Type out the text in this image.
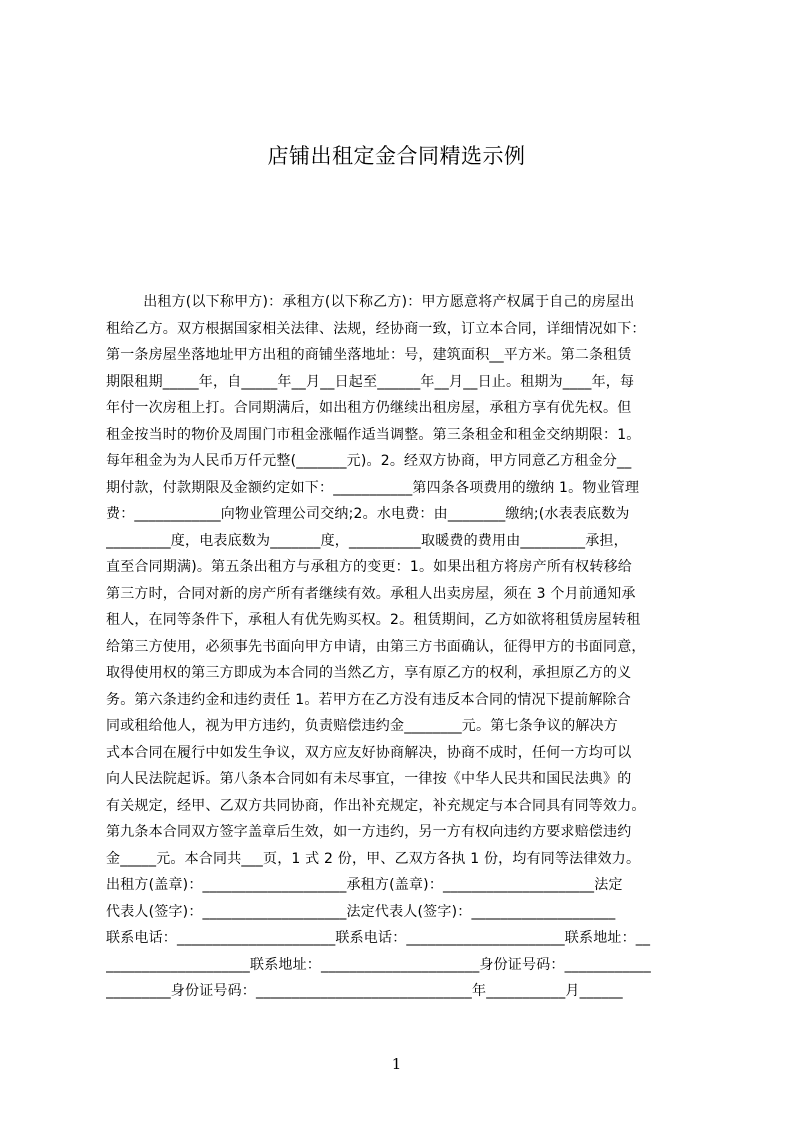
店铺出租定金合同精选示例
出租方(以下称甲方)：承租方(以下称乙方)：甲方愿意将产权属于自己的房屋出
租给乙方。双方根据国家相关法律、法规，经协商一致，订立本合同，详细情况如下：
第一条房屋坐落地址甲方出租的商铺坐落地址：号，建筑面积__平方米。第二条租赁
期限租期_____年，自_____年__月__日起至______年__月__日止。租期为____年，每
年付一次房租上打。合同期满后，如出租方仍继续出租房屋，承租方享有优先权。但
租金按当时的物价及周围门市租金涨幅作适当调整。第三条租金和租金交纳期限：1。
每年租金为为人民币万仟元整(_______元)。2。经双方协商，甲方同意乙方租金分__
期付款，付款期限及金额约定如下：___________第四条各项费用的缴纳 1。物业管理
费：____________向物业管理公司交纳;2。水电费：由________缴纳;(水表表底数为
_________度，电表底数为_______度，__________取暖费的费用由_________承担，
直至合同期满)。第五条出租方与承租方的变更：1。如果出租方将房产所有权转移给
第三方时，合同对新的房产所有者继续有效。承租人出卖房屋，须在 3 个月前通知承
租人，在同等条件下，承租人有优先购买权。2。租赁期间，乙方如欲将租赁房屋转租
给第三方使用，必须事先书面向甲方申请，由第三方书面确认，征得甲方的书面同意，
取得使用权的第三方即成为本合同的当然乙方，享有原乙方的权利，承担原乙方的义
务。第六条违约金和违约责任 1。若甲方在乙方没有违反本合同的情况下提前解除合
同或租给他人，视为甲方违约，负责赔偿违约金________元。第七条争议的解决方
式本合同在履行中如发生争议，双方应友好协商解决，协商不成时，任何一方均可以
向人民法院起诉。第八条本合同如有未尽事宜，一律按《中华人民共和国民法典》的
有关规定，经甲、乙双方共同协商，作出补充规定，补充规定与本合同具有同等效力。
第九条本合同双方签字盖章后生效，如一方违约，另一方有权向违约方要求赔偿违约
金_____元。本合同共___页，1 式 2 份，甲、乙双方各执 1 份，均有同等法律效力。
出租方(盖章)：____________________承租方(盖章)：_____________________法定
代表人(签字)：____________________法定代表人(签字)：____________________
联系电话：______________________联系电话：______________________联系地址：__
____________________联系地址：______________________身份证号码：____________
_________身份证号码：______________________________年___________月______
1
